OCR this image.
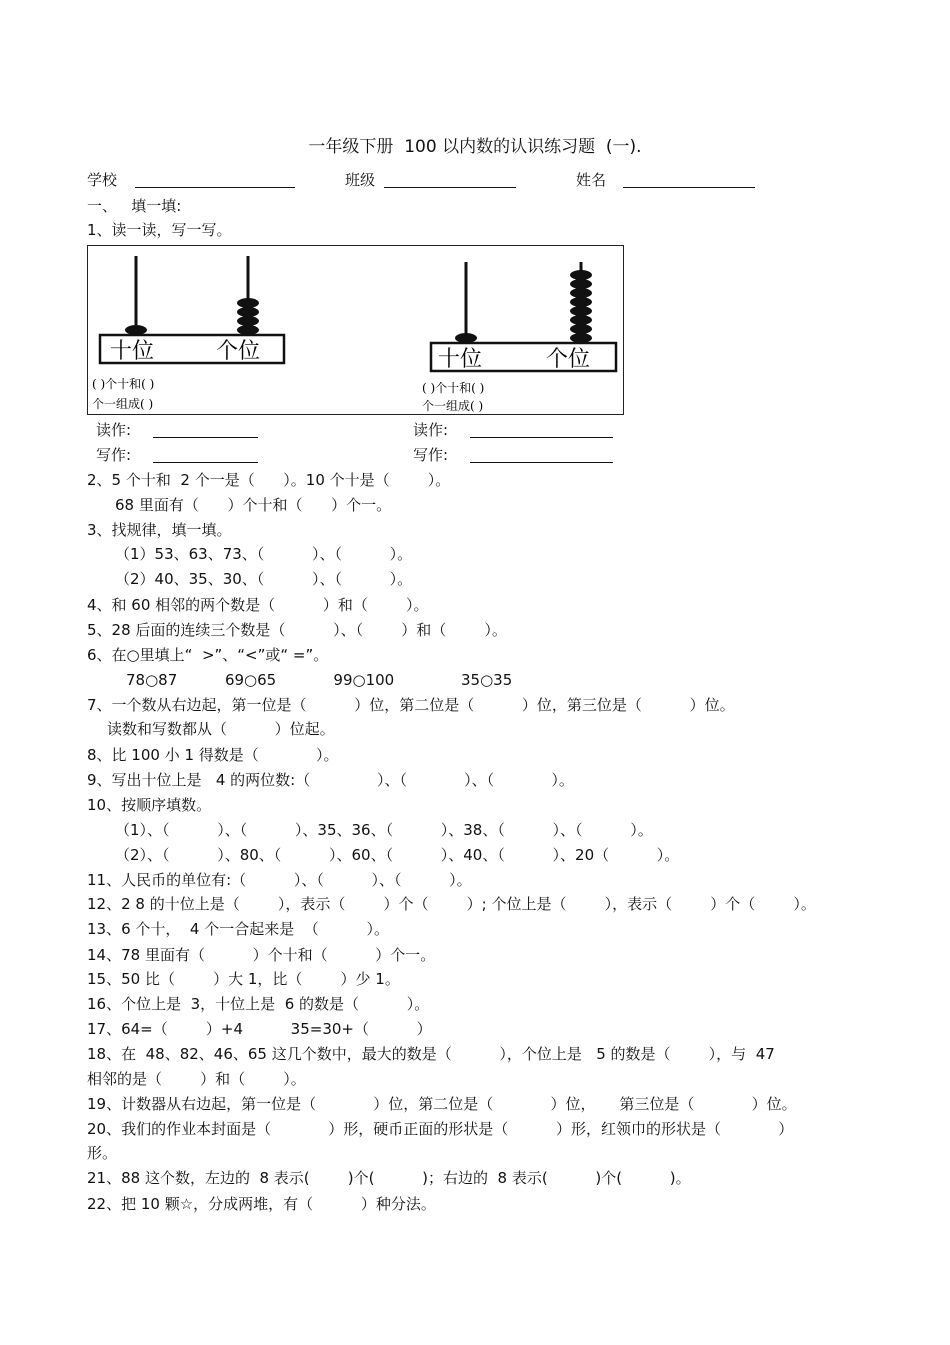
一年级下册  100 以内数的认识练习题  (一).
学校	班级	姓名
一、   填一填:
1、读一读，写一写。
十位	个位
( )个十和( )
个一组成( )
十位	个位
( )个十和( )
个一组成( )
读作:	读作:
写作:	写作:
2、5 个十和  2 个一是（      ）。10 个十是（        ）。
68 里面有（      ）个十和（      ）个一。
3、找规律，填一填。
（1）53、63、73、（          ）、（          ）。
（2）40、35、30、（          ）、（          ）。
4、和 60 相邻的两个数是（          ）和（        ）。
5、28 后面的连续三个数是（          ）、（        ）和（        ）。
6、在○里填上“  >”、“<”或“ =”。
78○87          69○65            99○100              35○35
7、一个数从右边起，第一位是（          ）位，第二位是（          ）位，第三位是（          ）位。
读数和写数都从（          ）位起。
8、比 100 小 1 得数是（            ）。
9、写出十位上是   4 的两位数:（              ）、（            ）、（            ）。
10、按顺序填数。
（1）、（          ）、（          ）、35、36、（          ）、38、（          ）、（          ）。
（2）、（          ）、80、（          ）、60、（          ）、40、（          ）、20（          ）。
11、人民币的单位有:（          ）、（          ）、（          ）。
12、2 8 的十位上是（        ），表示（        ）个（        ）; 个位上是（        ），表示（        ）个（        ）。
13、6 个十，  4 个一合起来是  （          ）。
14、78 里面有（          ）个十和（          ）个一。
15、50 比（        ）大 1，比（        ）少 1。
16、个位上是  3，十位上是  6 的数是（          ）。
17、64=（        ）+4          35=30+（          ）
18、在  48、82、46、65 这几个数中，最大的数是（          ），个位上是   5 的数是（        ），与  47
相邻的是（        ）和（        ）。
19、计数器从右边起，第一位是（            ）位，第二位是（            ）位，     第三位是（            ）位。
20、我们的作业本封面是（            ）形，硬币正面的形状是（          ）形，红领巾的形状是（            ）
形。
21、88 这个数，左边的  8 表示(        )个(          )；右边的  8 表示(          )个(          )。
22、把 10 颗☆，分成两堆，有（          ）种分法。
